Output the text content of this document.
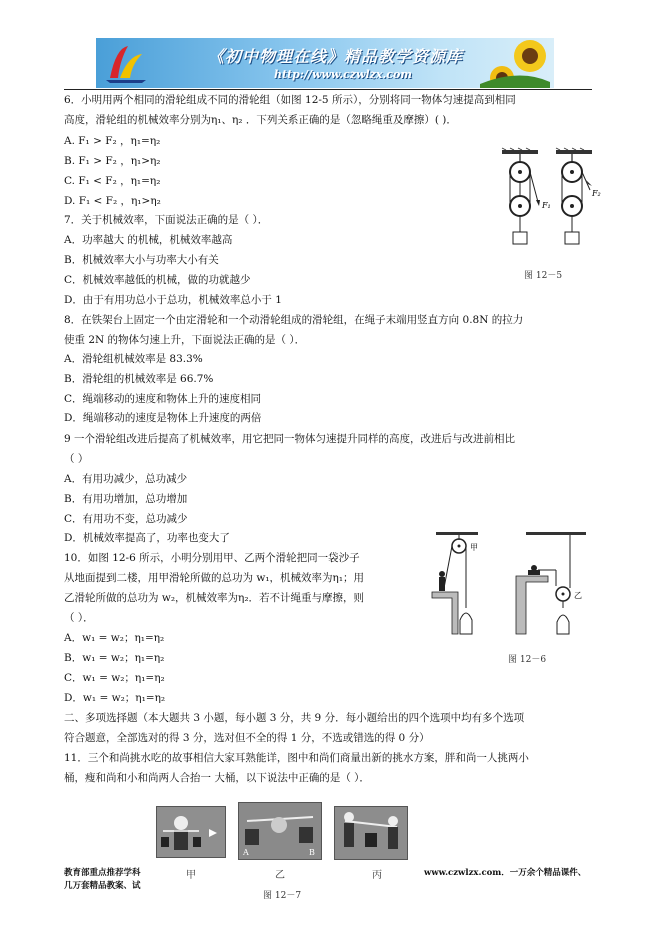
《初中物理在线》精品教学资源库
http://www.czwlzx.com
6．小明用两个相同的滑轮组成不同的滑轮组（如图 12-5 所示），分别将同一物体匀速提高到相同
高度，滑轮组的机械效率分别为η₁、η₂ ．下列关系正确的是（忽略绳重及摩擦）( )．
A. F₁ > F₂ ，η₁=η₂
B. F₁ > F₂ ，η₁>η₂
C. F₁ < F₂ ，η₁=η₂
D. F₁ < F₂ ，η₁>η₂
7．关于机械效率，下面说法正确的是（ ）．
A．功率越大 的机械，机械效率越高
B．机械效率大小与功率大小有关
C．机械效率越低的机械，做的功就越少
D．由于有用功总小于总功，机械效率总小于 1
8．在铁架台上固定一个由定滑轮和一个动滑轮组成的滑轮组，在绳子末端用竖直方向 0.8N 的拉力
使重 2N 的物体匀速上升，下面说法正确的是（ ）．
A．滑轮组机械效率是 83.3%
B．滑轮组的机械效率是 66.7%
C．绳端移动的速度和物体上升的速度相同
D．绳端移动的速度是物体上升速度的两倍
9 一个滑轮组改进后提高了机械效率，用它把同一物体匀速提升同样的高度，改进后与改进前相比
（ ）
A．有用功减少，总功减少
B．有用功增加，总功增加
C．有用功不变，总功减少
D．机械效率提高了，功率也变大了
10．如图 12-6 所示，小明分别用甲、乙两个滑轮把同一袋沙子
从地面提到二楼，用甲滑轮所做的总功为 w₁，机械效率为η₁；用
乙滑轮所做的总功为 w₂，机械效率为η₂．若不计绳重与摩擦，则
（ ）．
A．w₁ = w₂；η₁=η₂
B．w₁ = w₂；η₁=η₂
C．w₁ = w₂；η₁=η₂
D．w₁ = w₂；η₁=η₂
二、多项选择题（本大题共 3 小题，每小题 3 分，共 9 分．每小题给出的四个选项中均有多个选项
符合题意，全部选对的得 3 分，选对但不全的得 1 分，不选或错选的得 0 分）
11．三个和尚挑水吃的故事相信大家耳熟能详，图中和尚们商量出新的挑水方案，胖和尚一人挑两小
桶，瘦和尚和小和尚两人合抬一 大桶，以下说法中正确的是（ ）．
F₁
F₂
图 12－5
甲
乙
图 12－6
A	B
甲	乙	丙
图 12－7
教育部重点推荐学科
几万套精品教案、试
www.czwlzx.com．一万余个精品课件、
